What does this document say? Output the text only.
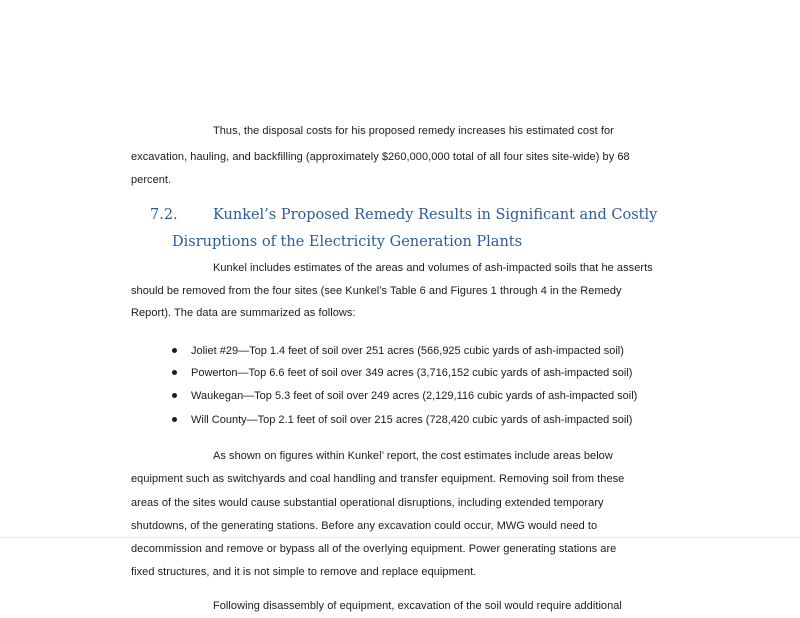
Thus, the disposal costs for his proposed remedy increases his estimated cost for
excavation, hauling, and backfilling (approximately $260,000,000 total of all four sites site-wide) by 68
percent.
7.2. Kunkel’s Proposed Remedy Results in Significant and Costly
Disruptions of the Electricity Generation Plants
Kunkel includes estimates of the areas and volumes of ash-impacted soils that he asserts
should be removed from the four sites (see Kunkel’s Table 6 and Figures 1 through 4 in the Remedy
Report). The data are summarized as follows:
Joliet #29—Top 1.4 feet of soil over 251 acres (566,925 cubic yards of ash-impacted soil)
Powerton—Top 6.6 feet of soil over 349 acres (3,716,152 cubic yards of ash-impacted soil)
Waukegan—Top 5.3 feet of soil over 249 acres (2,129,116 cubic yards of ash-impacted soil)
Will County—Top 2.1 feet of soil over 215 acres (728,420 cubic yards of ash-impacted soil)
As shown on figures within Kunkel’ report, the cost estimates include areas below
equipment such as switchyards and coal handling and transfer equipment. Removing soil from these
areas of the sites would cause substantial operational disruptions, including extended temporary
shutdowns, of the generating stations. Before any excavation could occur, MWG would need to
decommission and remove or bypass all of the overlying equipment. Power generating stations are
fixed structures, and it is not simple to remove and replace equipment.
Following disassembly of equipment, excavation of the soil would require additional
